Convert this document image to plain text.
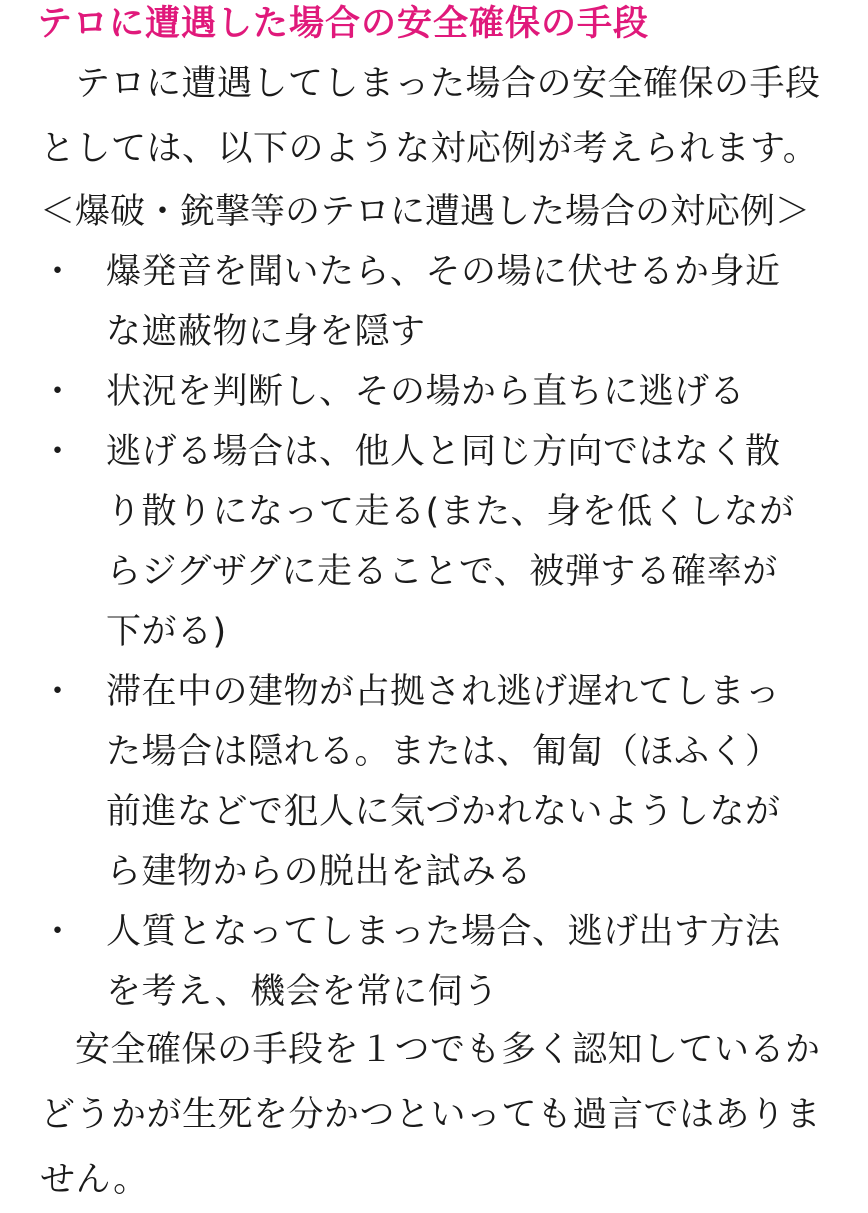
テロに遭遇した場合の安全確保の手段

テロに遭遇してしまった場合の安全確保の手段としては、以下のような対応例が考えられます。

＜爆破・銃撃等のテロに遭遇した場合の対応例＞

・ 爆発音を聞いたら、その場に伏せるか身近な遮蔽物に身を隠す
・ 状況を判断し、その場から直ちに逃げる
・ 逃げる場合は、他人と同じ方向ではなく散り散りになって走る(また、身を低くしながらジグザグに走ることで、被弾する確率が下がる)
・ 滞在中の建物が占拠され逃げ遅れてしまった場合は隠れる。または、匍匐（ほふく）前進などで犯人に気づかれないようしながら建物からの脱出を試みる
・ 人質となってしまった場合、逃げ出す方法を考え、機会を常に伺う

安全確保の手段を１つでも多く認知しているかどうかが生死を分かつといっても過言ではありません。
